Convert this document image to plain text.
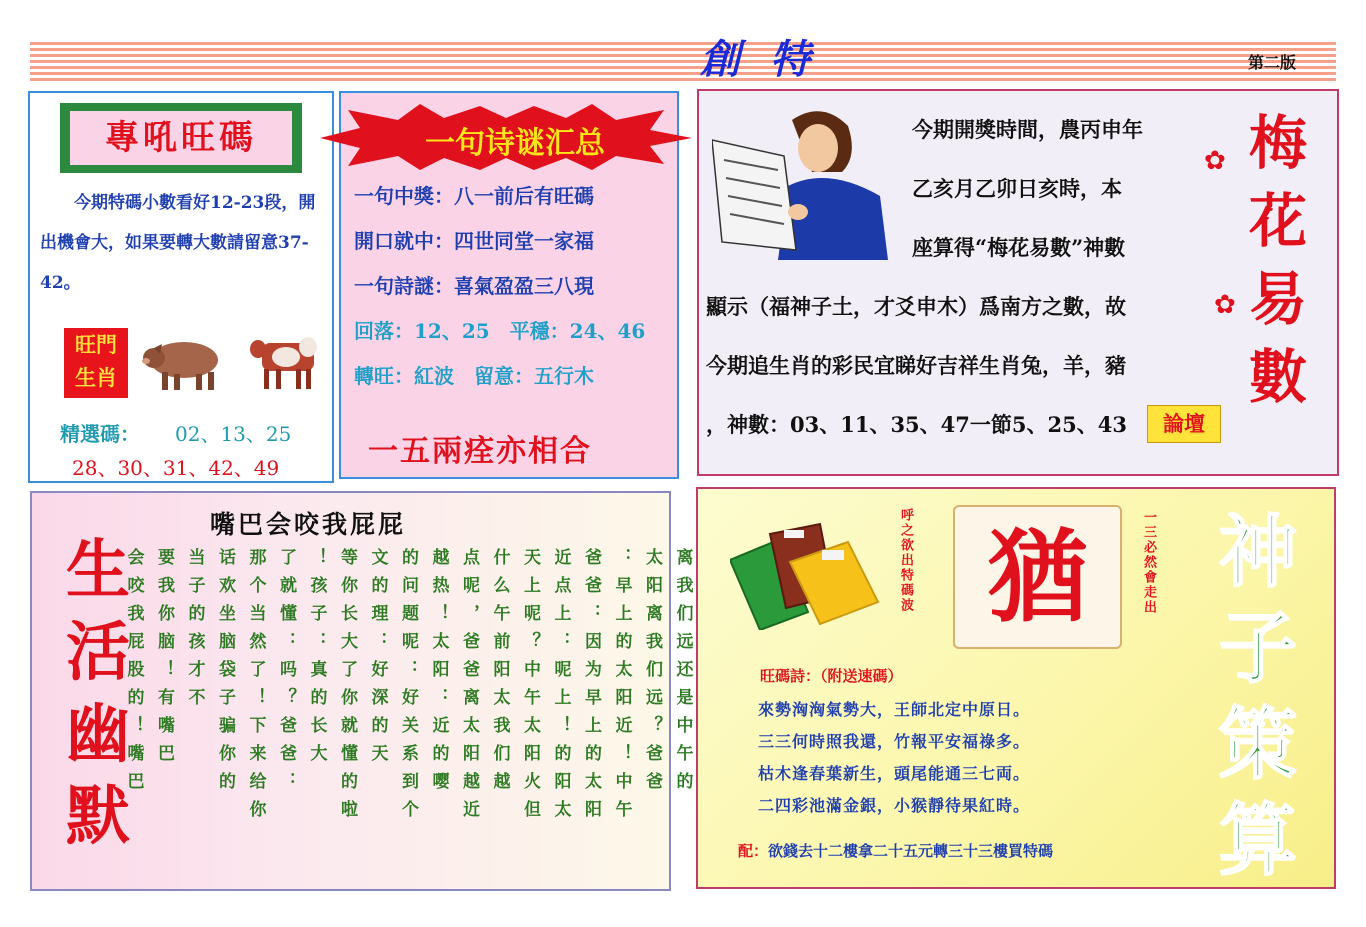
創特	第二版
專吼旺碼
今期特碼小數看好12-23段，開出機會大，如果要轉大數請留意37-42。
旺門
生肖
精選碼： 02、13、25
28、30、31、42、49
一句诗谜汇总
一句中獎：八一前后有旺碼
開口就中：四世同堂一家福
一句詩謎：喜氣盈盈三八現
回落：12、25 平穩：24、46
轉旺：紅波 留意：五行木
一五兩痊亦相合
今期開獎時間，農丙申年
乙亥月乙卯日亥時，本
座算得“梅花易數”神數
顯示（福神子土，才爻申木）爲南方之數，故
今期追生肖的彩民宜睇好吉祥生肖兔，羊，豬
，神數：03、11、35、47一節5、25、43	論壇
梅
花
易
數
✿
✿
嘴巴会咬我屁屁
生
活
幽
默
离我们远还是中午的
太阳离我们远？爸爸
：早上的太阳近！中午
爸爸：因为早上的太阳
近点上：呢上！的阳太
天上呢？中午太阳火但
什么午前阳太我们越
点呢，爸爸离太阳越近
越热！太阳：近的嘤
的问题呢：好关系到个
文的理：好深的天
等你长大了你就懂的啦
！孩子：真的长大
了就懂：吗？爸爸：
那个当然了！下来给你
话欢坐脑袋子骗你的
当子的孩才不
要我你脑！有嘴巴
会咬我屁股的！嘴巴	呼之欲出特碼波 猶	一三必然會走出 神
子
策
算
旺碼詩：（附送速碼）
來勢洶洶氣勢大，王師北定中原日。
三三何時照我還，竹報平安福祿多。
枯木逢春葉新生，頭尾能通三七両。
二四彩池滿金銀，小猴靜待果紅時。
配：欲錢去十二樓拿二十五元轉三十三樓買特碼
